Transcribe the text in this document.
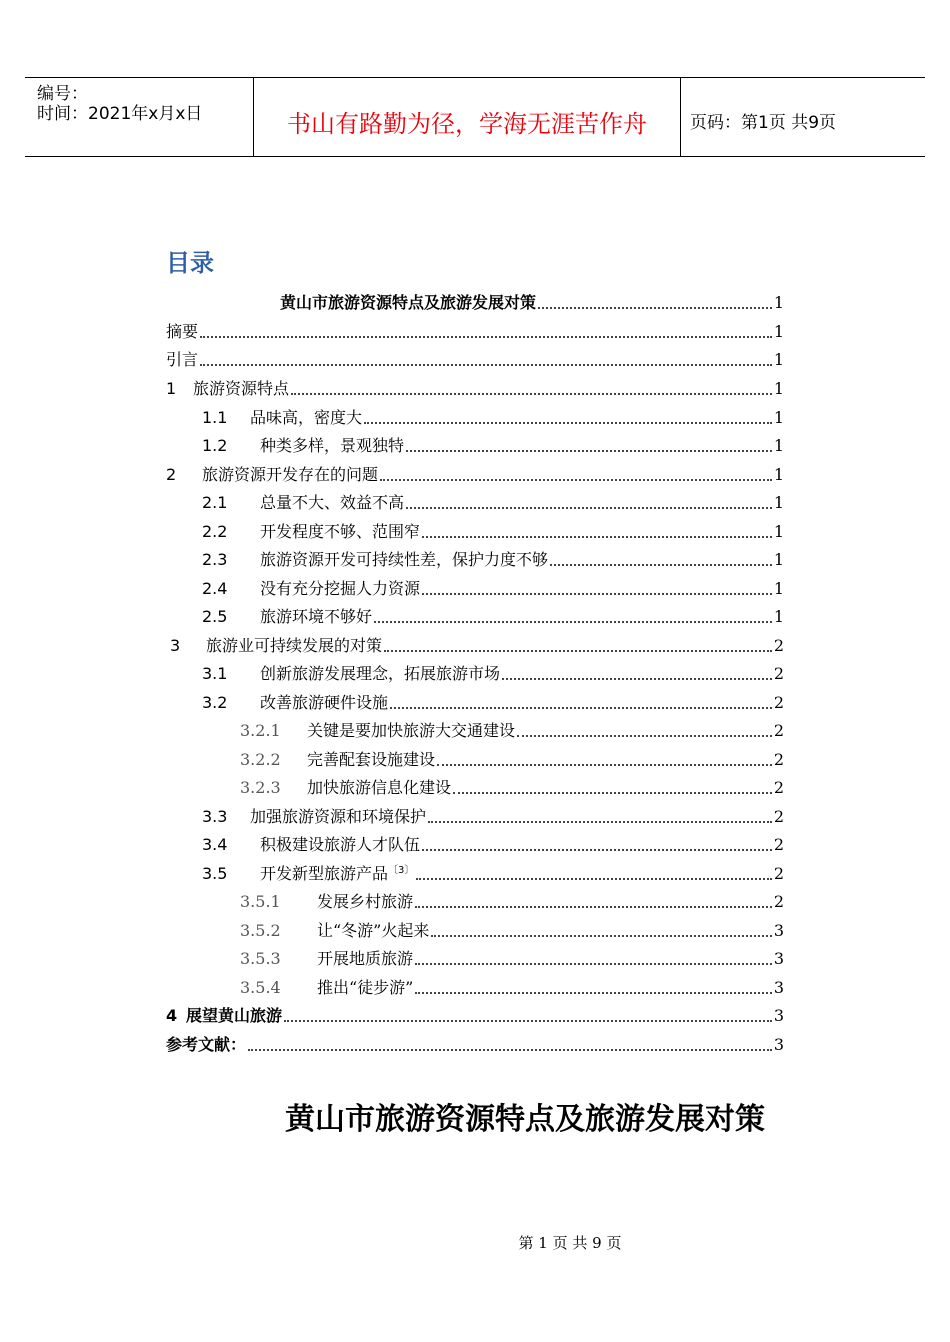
编号：
时间：2021年x月x日	书山有路勤为径，学海无涯苦作舟	页码：第1页 共9页
目录
黄山市旅游资源特点及旅游发展对策	1
摘要	1
引言	1
1	旅游资源特点	1
1.1	品味高，密度大	1
1.2	种类多样，景观独特	1
2	旅游资源开发存在的问题	1
2.1	总量不大、效益不高	1
2.2	开发程度不够、范围窄	1
2.3	旅游资源开发可持续性差，保护力度不够	1
2.4	没有充分挖掘人力资源	1
2.5	旅游环境不够好	1
3	旅游业可持续发展的对策	2
3.1	创新旅游发展理念，拓展旅游市场	2
3.2	改善旅游硬件设施	2
3.2.1	关键是要加快旅游大交通建设	2
3.2.2	完善配套设施建设	2
3.2.3	加快旅游信息化建设	2
3.3	加强旅游资源和环境保护	2
3.4	积极建设旅游人才队伍	2
3.5	开发新型旅游产品 $^{〔3〕}$	2
3.5.1	发展乡村旅游	2
3.5.2	让“冬游”火起来	3
3.5.3	开展地质旅游	3
3.5.4	推出“徒步游”	3
4 展望黄山旅游	3
参考文献：	3
黄山市旅游资源特点及旅游发展对策
第 1 页 共 9 页
